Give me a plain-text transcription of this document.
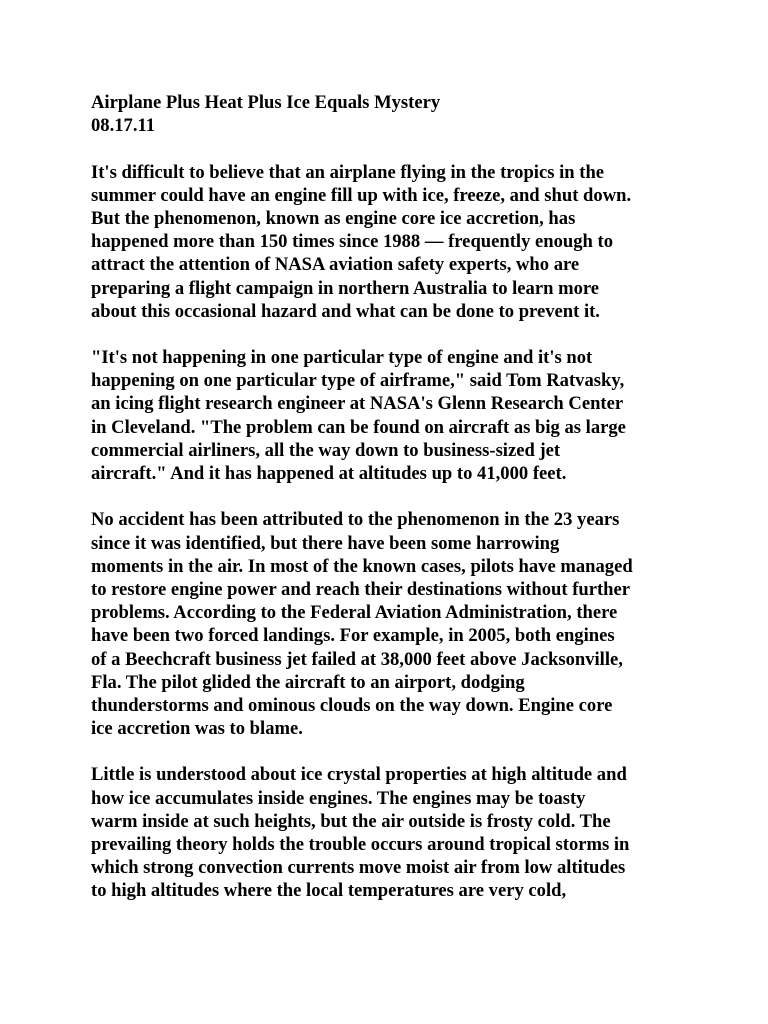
Airplane Plus Heat Plus Ice Equals Mystery
08.17.11
It's difficult to believe that an airplane flying in the tropics in the
summer could have an engine fill up with ice, freeze, and shut down.
But the phenomenon, known as engine core ice accretion, has
happened more than 150 times since 1988 — frequently enough to
attract the attention of NASA aviation safety experts, who are
preparing a flight campaign in northern Australia to learn more
about this occasional hazard and what can be done to prevent it.
"It's not happening in one particular type of engine and it's not
happening on one particular type of airframe," said Tom Ratvasky,
an icing flight research engineer at NASA's Glenn Research Center
in Cleveland. "The problem can be found on aircraft as big as large
commercial airliners, all the way down to business-sized jet
aircraft." And it has happened at altitudes up to 41,000 feet.
No accident has been attributed to the phenomenon in the 23 years
since it was identified, but there have been some harrowing
moments in the air. In most of the known cases, pilots have managed
to restore engine power and reach their destinations without further
problems. According to the Federal Aviation Administration, there
have been two forced landings. For example, in 2005, both engines
of a Beechcraft business jet failed at 38,000 feet above Jacksonville,
Fla. The pilot glided the aircraft to an airport, dodging
thunderstorms and ominous clouds on the way down. Engine core
ice accretion was to blame.
Little is understood about ice crystal properties at high altitude and
how ice accumulates inside engines. The engines may be toasty
warm inside at such heights, but the air outside is frosty cold. The
prevailing theory holds the trouble occurs around tropical storms in
which strong convection currents move moist air from low altitudes
to high altitudes where the local temperatures are very cold,
